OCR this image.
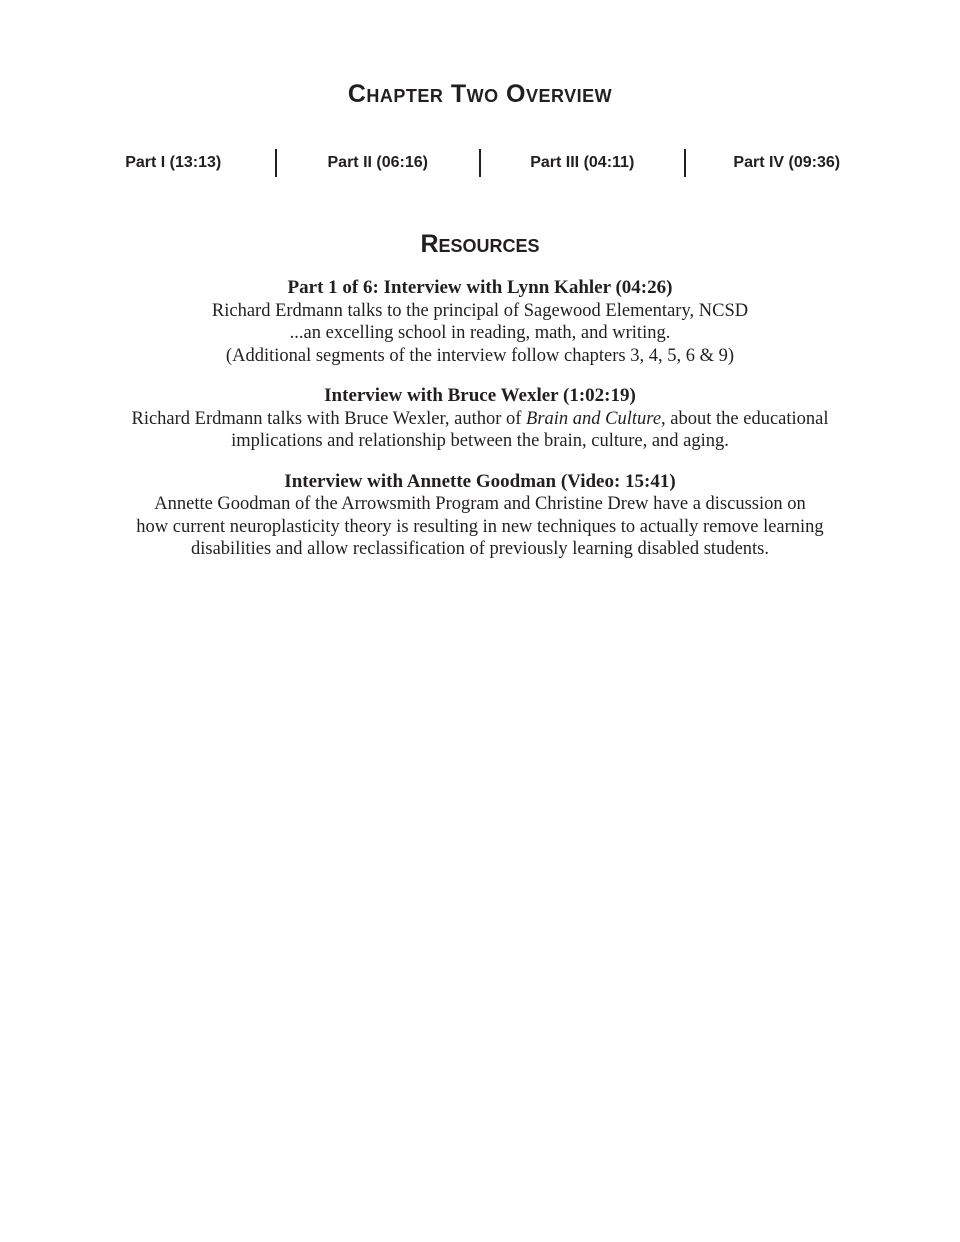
Chapter Two Overview
Part I (13:13)	Part II (06:16)	Part III (04:11)	Part IV (09:36)
Resources
Part 1 of 6: Interview with Lynn Kahler (04:26)
Richard Erdmann talks to the principal of Sagewood Elementary, NCSD
...an excelling school in reading, math, and writing.
(Additional segments of the interview follow chapters 3, 4, 5, 6 & 9)
Interview with Bruce Wexler (1:02:19)
Richard Erdmann talks with Bruce Wexler, author of Brain and Culture, about the educational
implications and relationship between the brain, culture, and aging.
Interview with Annette Goodman (Video: 15:41)
Annette Goodman of the Arrowsmith Program and Christine Drew have a discussion on
how current neuroplasticity theory is resulting in new techniques to actually remove learning
disabilities and allow reclassification of previously learning disabled students.
